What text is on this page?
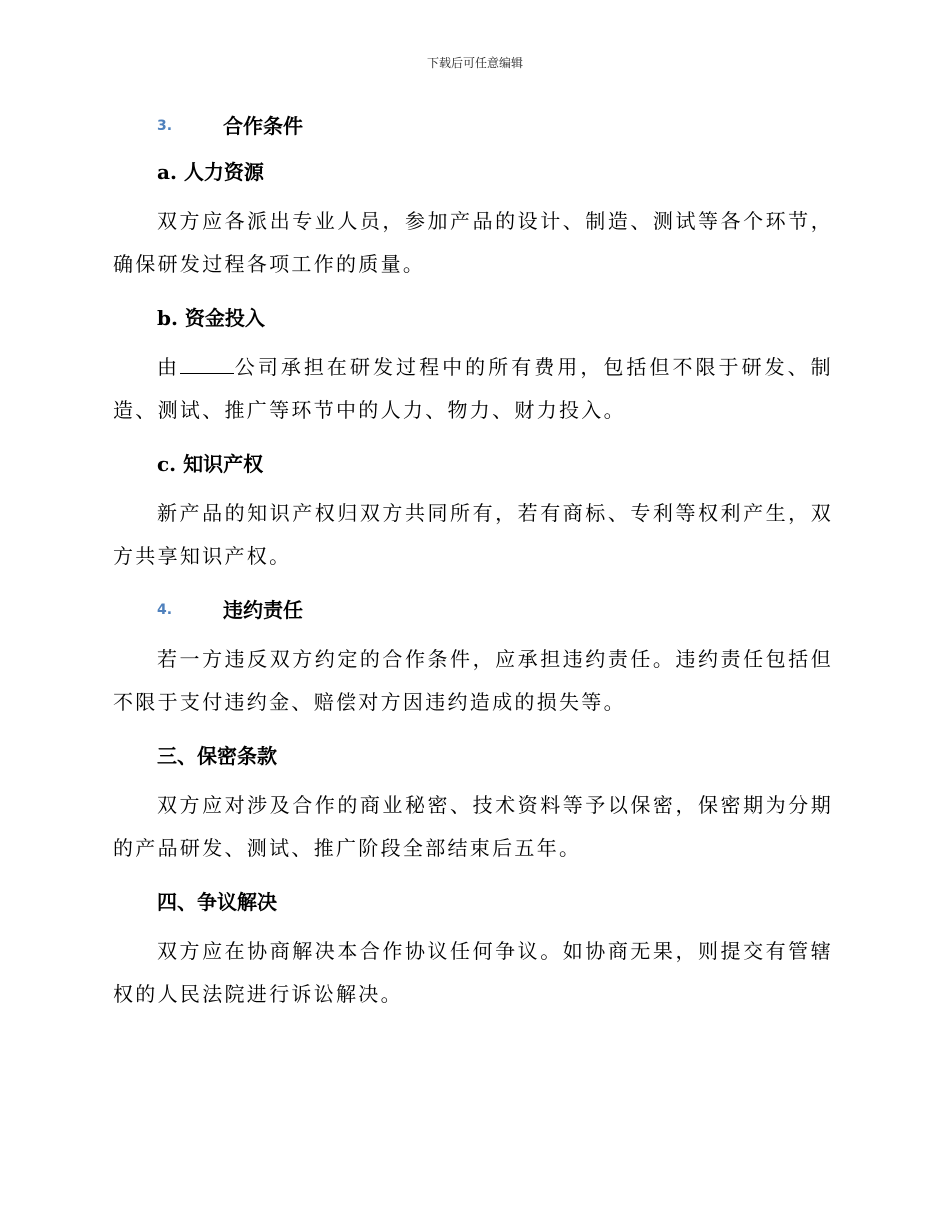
下载后可任意编辑
3.	合作条件
a. 人力资源

双方应各派出专业人员，参加产品的设计、制造、测试等各个环节，确保研发过程各项工作的质量。

b. 资金投入

由	公司承担在研发过程中的所有费用，包括但不限于研发、制造、测试、推广等环节中的人力、物力、财力投入。

c. 知识产权

新产品的知识产权归双方共同所有，若有商标、专利等权利产生，双方共享知识产权。

4.	违约责任

若一方违反双方约定的合作条件，应承担违约责任。违约责任包括但不限于支付违约金、赔偿对方因违约造成的损失等。

三、保密条款

双方应对涉及合作的商业秘密、技术资料等予以保密，保密期为分期的产品研发、测试、推广阶段全部结束后五年。

四、争议解决

双方应在协商解决本合作协议任何争议。如协商无果，则提交有管辖权的人民法院进行诉讼解决。
